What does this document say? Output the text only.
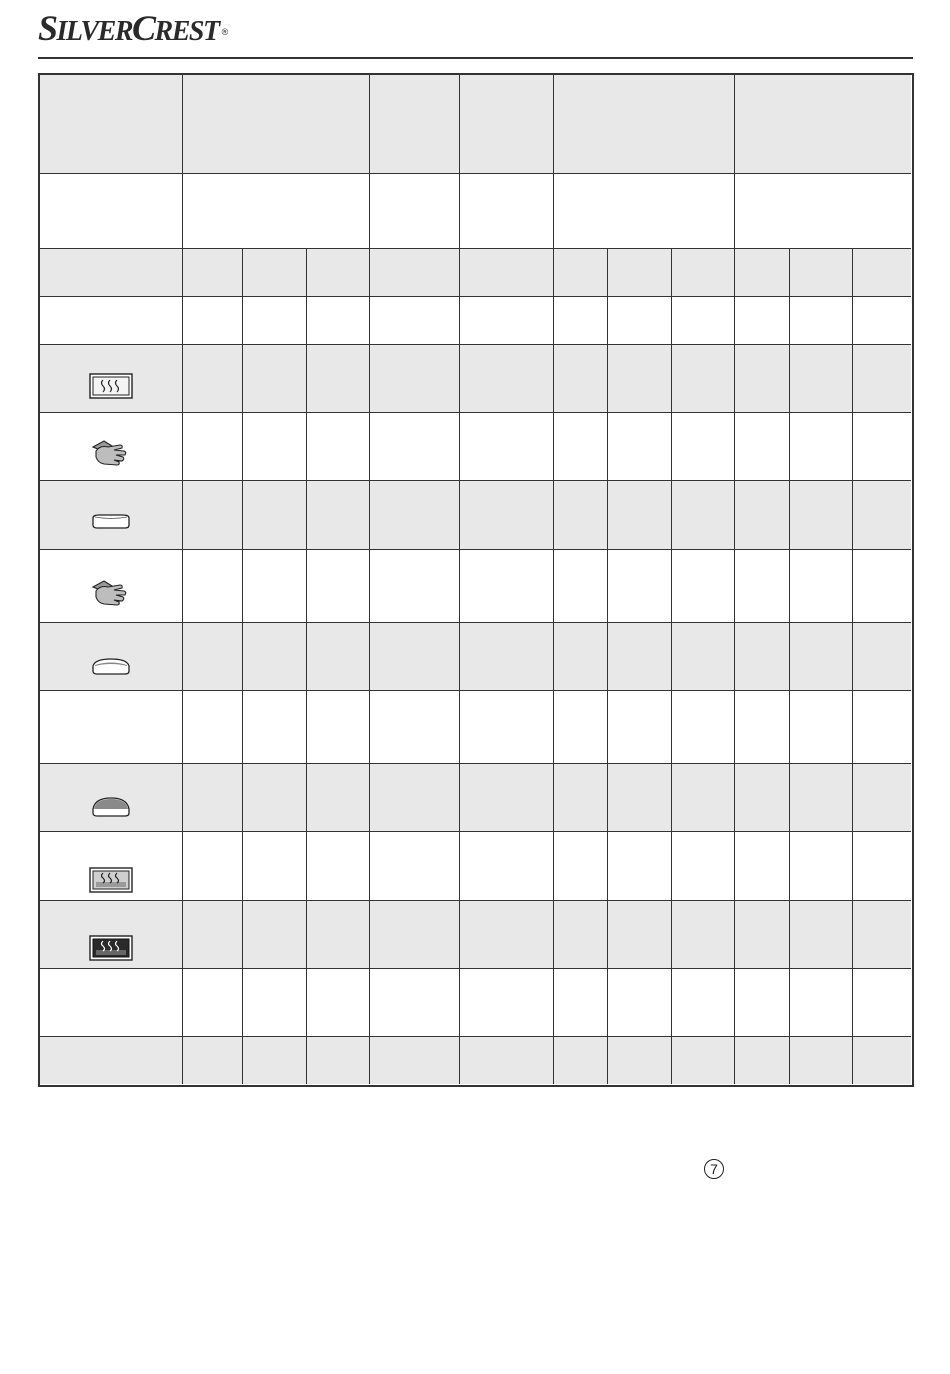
SILVERCREST ®
7
